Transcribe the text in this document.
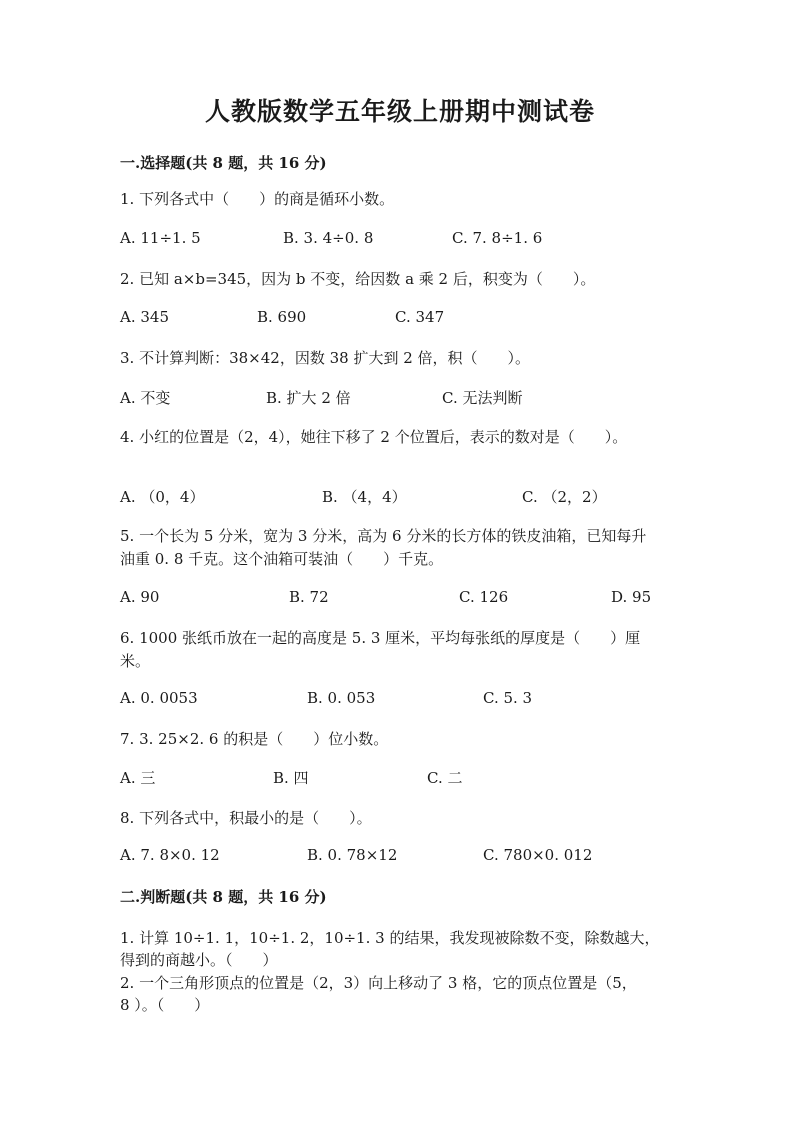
人教版数学五年级上册期中测试卷
一.选择题(共 8 题，共 16 分)
1. 下列各式中（　　）的商是循环小数。
A. 11÷1. 5	B. 3. 4÷0. 8	C. 7. 8÷1. 6
2. 已知 a×b=345，因为 b 不变，给因数 a 乘 2 后，积变为（　　）。
A. 345	B. 690	C. 347
3. 不计算判断：38×42，因数 38 扩大到 2 倍，积（　　）。
A. 不变	B. 扩大 2 倍	C. 无法判断
4. 小红的位置是（2，4），她往下移了 2 个位置后，表示的数对是（　　）。
A. （0，4）	B. （4，4）	C. （2，2）
5. 一个长为 5 分米，宽为 3 分米，高为 6 分米的长方体的铁皮油箱，已知每升
油重 0. 8 千克。这个油箱可装油（　　）千克。
A. 90	B. 72	C. 126	D. 95
6. 1000 张纸币放在一起的高度是 5. 3 厘米，平均每张纸的厚度是（　　）厘
米。
A. 0. 0053	B. 0. 053	C. 5. 3
7. 3. 25×2. 6 的积是（　　）位小数。
A. 三	B. 四	C. 二
8. 下列各式中，积最小的是（　　）。
A. 7. 8×0. 12	B. 0. 78×12	C. 780×0. 012
二.判断题(共 8 题，共 16 分)
1. 计算 10÷1. 1，10÷1. 2，10÷1. 3 的结果，我发现被除数不变，除数越大，
得到的商越小。（　　）
2. 一个三角形顶点的位置是（2，3）向上移动了 3 格，它的顶点位置是（5，
8 ）。（　　）
